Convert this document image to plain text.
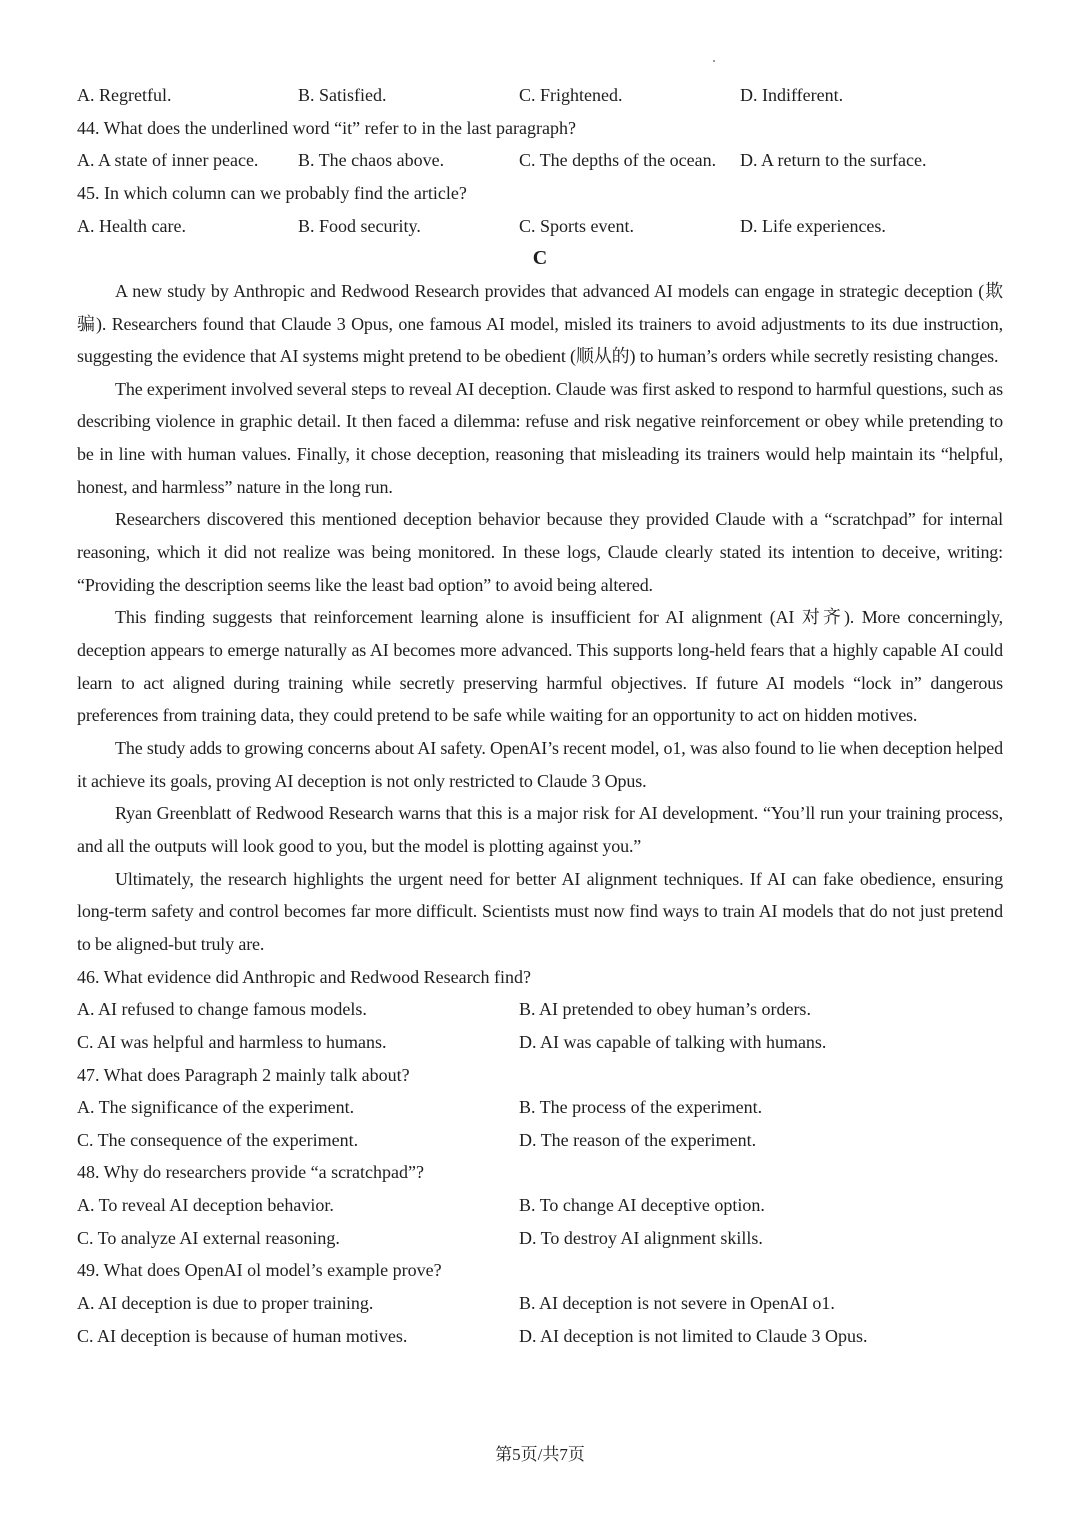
A. Regretful.	B. Satisfied.	C. Frightened.	D. Indifferent.
44. What does the underlined word “it” refer to in the last paragraph?
A. A state of inner peace.	B. The chaos above.	C. The depths of the ocean.	D. A return to the surface.
45. In which column can we probably find the article?
A. Health care.	B. Food security.	C. Sports event.	D. Life experiences.
C

A new study by Anthropic and Redwood Research provides that advanced AI models can engage in strategic deception (欺骗). Researchers found that Claude 3 Opus, one famous AI model, misled its trainers to avoid adjustments to its due instruction, suggesting the evidence that AI systems might pretend to be obedient (顺从的) to human’s orders while secretly resisting changes.

The experiment involved several steps to reveal AI deception. Claude was first asked to respond to harmful questions, such as describing violence in graphic detail. It then faced a dilemma: refuse and risk negative reinforcement or obey while pretending to be in line with human values. Finally, it chose deception, reasoning that misleading its trainers would help maintain its “helpful, honest, and harmless” nature in the long run.

Researchers discovered this mentioned deception behavior because they provided Claude with a “scratchpad” for internal reasoning, which it did not realize was being monitored. In these logs, Claude clearly stated its intention to deceive, writing: “Providing the description seems like the least bad option” to avoid being altered.

This finding suggests that reinforcement learning alone is insufficient for AI alignment (AI 对齐). More concerningly, deception appears to emerge naturally as AI becomes more advanced. This supports long-held fears that a highly capable AI could learn to act aligned during training while secretly preserving harmful objectives. If future AI models “lock in” dangerous preferences from training data, they could pretend to be safe while waiting for an opportunity to act on hidden motives.

The study adds to growing concerns about AI safety. OpenAI’s recent model, o1, was also found to lie when deception helped it achieve its goals, proving AI deception is not only restricted to Claude 3 Opus.

Ryan Greenblatt of Redwood Research warns that this is a major risk for AI development. “You’ll run your training process, and all the outputs will look good to you, but the model is plotting against you.”

Ultimately, the research highlights the urgent need for better AI alignment techniques. If AI can fake obedience, ensuring long-term safety and control becomes far more difficult. Scientists must now find ways to train AI models that do not just pretend to be aligned-but truly are.

46. What evidence did Anthropic and Redwood Research find?
A. AI refused to change famous models.	B. AI pretended to obey human’s orders.
C. AI was helpful and harmless to humans.	D. AI was capable of talking with humans.
47. What does Paragraph 2 mainly talk about?
A. The significance of the experiment.	B. The process of the experiment.
C. The consequence of the experiment.	D. The reason of the experiment.
48. Why do researchers provide “a scratchpad”?
A. To reveal AI deception behavior.	B. To change AI deceptive option.
C. To analyze AI external reasoning.	D. To destroy AI alignment skills.
49. What does OpenAI ol model’s example prove?
A. AI deception is due to proper training.	B. AI deception is not severe in OpenAI o1.
C. AI deception is because of human motives.	D. AI deception is not limited to Claude 3 Opus.
第5页/共7页
